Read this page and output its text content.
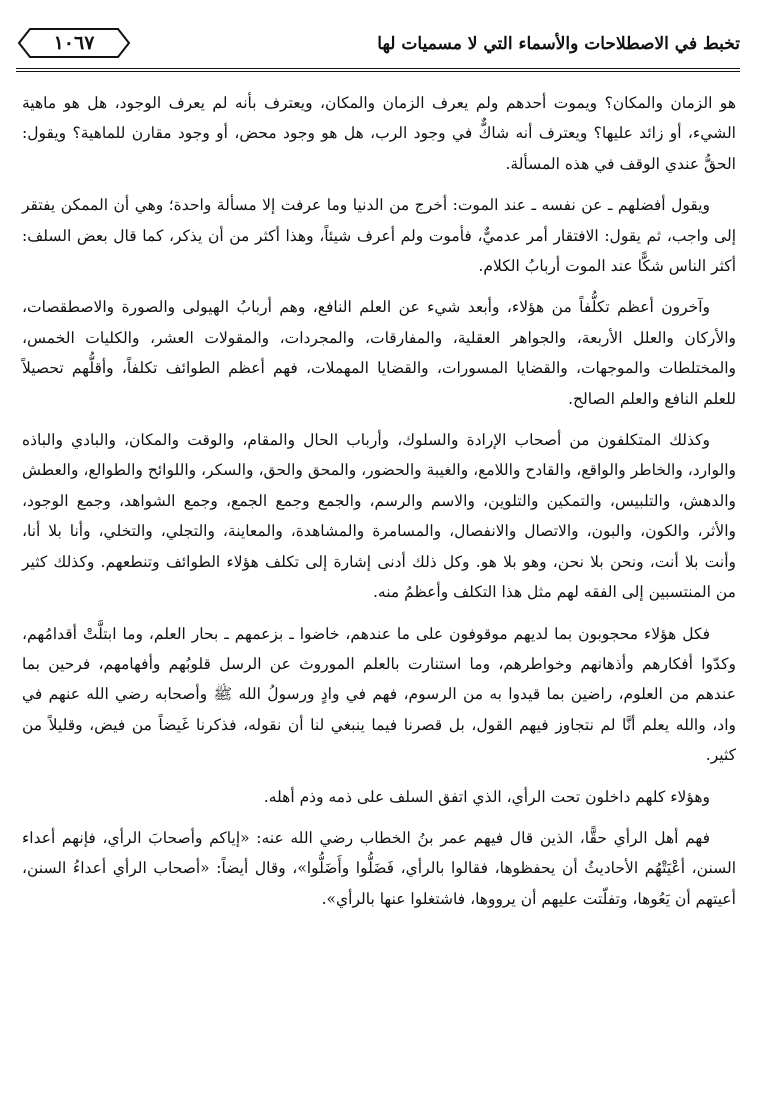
تخبط في الاصطلاحات والأسماء التي لا مسميات لها
١٠٦٧

هو الزمان والمكان؟ ويموت أحدهم ولم يعرف الزمان والمكان، ويعترف بأنه لم يعرف الوجود، هل هو ماهية الشيء، أو زائد عليها؟ ويعترف أنه شاكٌّ في وجود الرب، هل هو وجود محض، أو وجود مقارن للماهية؟ ويقول: الحقُّ عندي الوقف في هذه المسألة.

ويقول أفضلهم ـ عن نفسه ـ عند الموت: أخرج من الدنيا وما عرفت إلا مسألة واحدة؛ وهي أن الممكن يفتقر إلى واجب، ثم يقول: الافتقار أمر عدميٌّ، فأموت ولم أعرف شيئاً، وهذا أكثر من أن يذكر، كما قال بعض السلف: أكثر الناس شكًّا عند الموت أربابُ الكلام.

وآخرون أعظم تكلُّفاً من هؤلاء، وأبعد شيء عن العلم النافع، وهم أربابُ الهيولى والصورة والاصطقصات، والأركان والعلل الأربعة، والجواهر العقلية، والمفارقات، والمجردات، والمقولات العشر، والكليات الخمس، والمختلطات والموجهات، والقضايا المسورات، والقضايا المهملات، فهم أعظم الطوائف تكلفاً، وأقلُّهم تحصيلاً للعلم النافع والعلم الصالح.

وكذلك المتكلفون من أصحاب الإرادة والسلوك، وأرباب الحال والمقام، والوقت والمكان، والبادي والباذه والوارد، والخاطر والواقع، والقادح واللامع، والغيبة والحضور، والمحق والحق، والسكر، واللوائح والطوالع، والعطش والدهش، والتلبيس، والتمكين والتلوين، والاسم والرسم، والجمع وجمع الجمع، وجمع الشواهد، وجمع الوجود، والأثر، والكون، والبون، والاتصال والانفصال، والمسامرة والمشاهدة، والمعاينة، والتجلي، والتخلي، وأنا بلا أنا، وأنت بلا أنت، ونحن بلا نحن، وهو بلا هو. وكل ذلك أدنى إشارة إلى تكلف هؤلاء الطوائف وتنطعهم. وكذلك كثير من المنتسبين إلى الفقه لهم مثل هذا التكلف وأعظمُ منه.

فكل هؤلاء محجوبون بما لديهم موقوفون على ما عندهم، خاضوا ـ بزعمهم ـ بحار العلم، وما ابتلَّتْ أقدامُهم، وكدّوا أفكارهم وأذهانهم وخواطرهم، وما استنارت بالعلم الموروث عن الرسل قلوبُهم وأفهامهم، فرحين بما عندهم من العلوم، راضين بما قيدوا به من الرسوم، فهم في وادٍ ورسولُ الله ﷺ وأصحابه رضي الله عنهم في واد، والله يعلم أنَّا لم نتجاوز فيهم القول، بل قصرنا فيما ينبغي لنا أن نقوله، فذكرنا غَيضاً من فيض، وقليلاً من كثير.

وهؤلاء كلهم داخلون تحت الرأي، الذي اتفق السلف على ذمه وذم أهله.

فهم أهل الرأي حقًّا، الذين قال فيهم عمر بنُ الخطاب رضي الله عنه: «إياكم وأصحابَ الرأي، فإنهم أعداء السنن، أعْيَتْهُم الأحاديثُ أن يحفظوها، فقالوا بالرأي، فَضَلُّوا وأَضَلُّوا»، وقال أيضاً: «أصحاب الرأي أعداءُ السنن، أعيتهم أن يَعُوها، وتفلّتت عليهم أن يرووها، فاشتغلوا عنها بالرأي».
